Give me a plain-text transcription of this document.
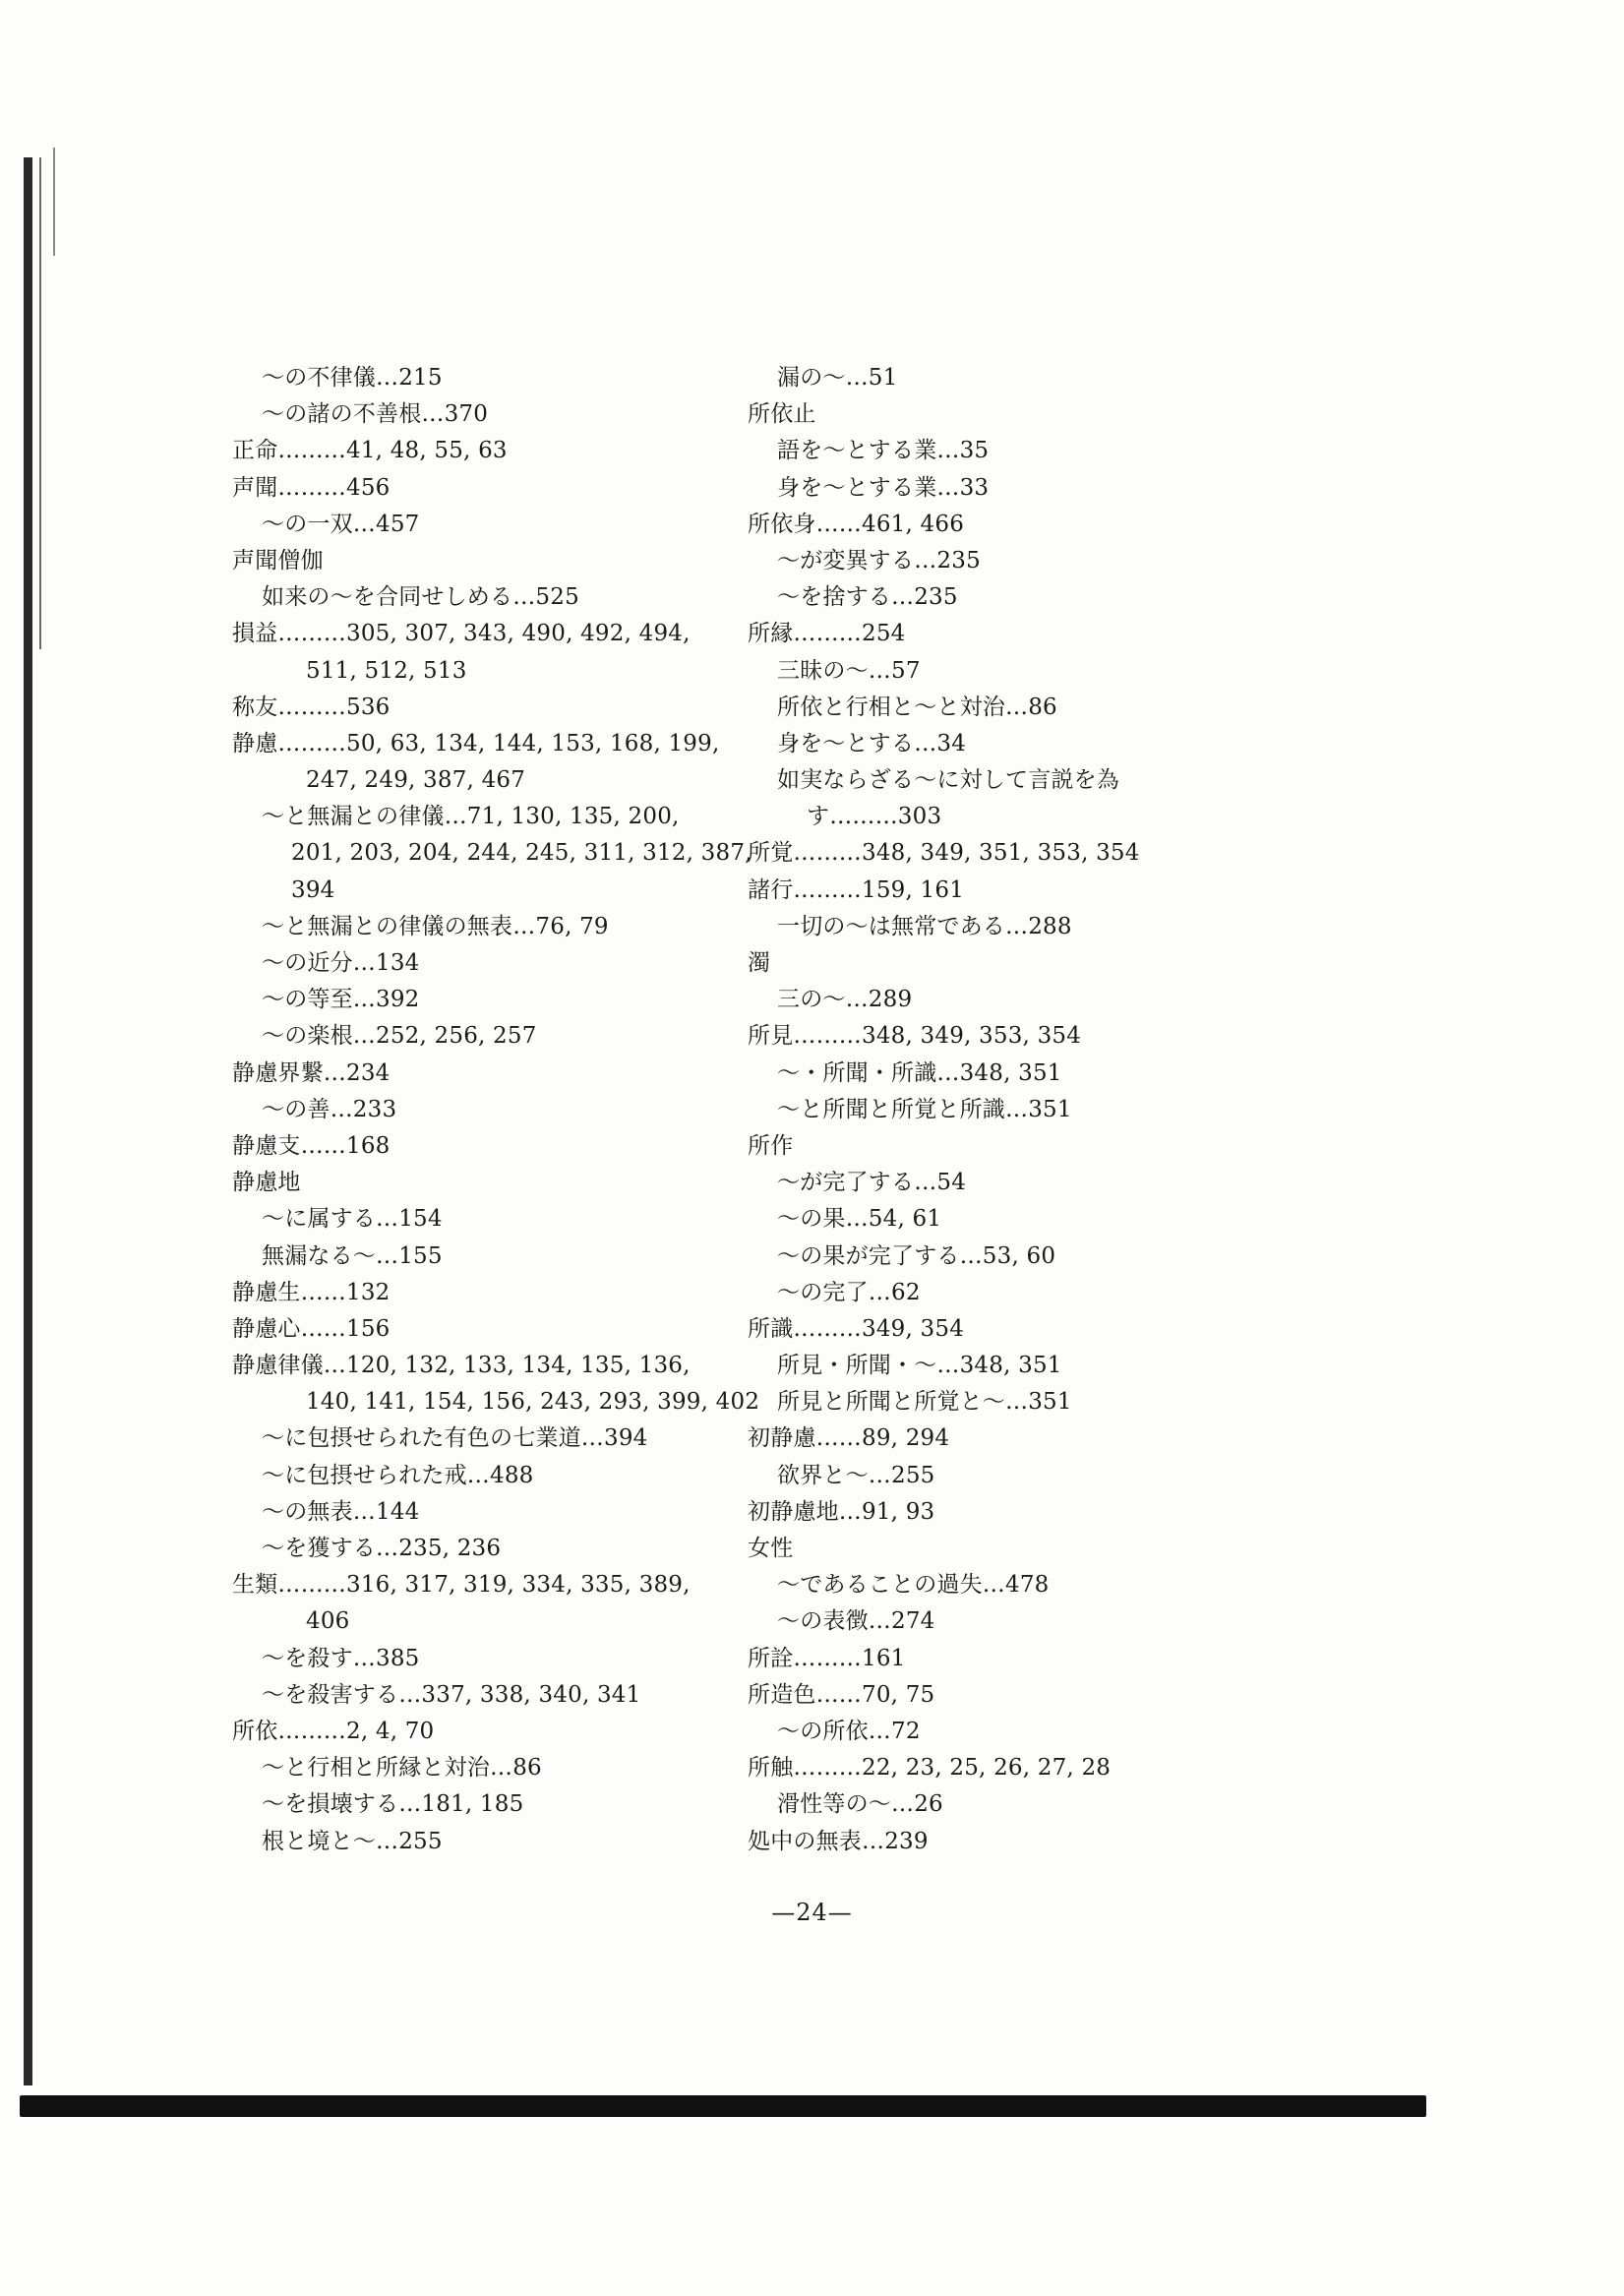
～の不律儀…215
～の諸の不善根…370
正命………41, 48, 55, 63
声聞………456
～の一双…457
声聞僧伽
如来の～を合同せしめる…525
損益………305, 307, 343, 490, 492, 494,
511, 512, 513
称友………536
静慮………50, 63, 134, 144, 153, 168, 199,
247, 249, 387, 467
～と無漏との律儀…71, 130, 135, 200,
201, 203, 204, 244, 245, 311, 312, 387,
394
～と無漏との律儀の無表…76, 79
～の近分…134
～の等至…392
～の楽根…252, 256, 257
静慮界繋…234
～の善…233
静慮支……168
静慮地
～に属する…154
無漏なる～…155
静慮生……132
静慮心……156
静慮律儀…120, 132, 133, 134, 135, 136,
140, 141, 154, 156, 243, 293, 399, 402
～に包摂せられた有色の七業道…394
～に包摂せられた戒…488
～の無表…144
～を獲する…235, 236
生類………316, 317, 319, 334, 335, 389,
406
～を殺す…385
～を殺害する…337, 338, 340, 341
所依………2, 4, 70
～と行相と所縁と対治…86
～を損壊する…181, 185
根と境と～…255
漏の～…51
所依止
語を～とする業…35
身を～とする業…33
所依身……461, 466
～が変異する…235
～を捨する…235
所縁………254
三昧の～…57
所依と行相と～と対治…86
身を～とする…34
如実ならざる～に対して言説を為
す………303
所覚………348, 349, 351, 353, 354
諸行………159, 161
一切の～は無常である…288
濁
三の～…289
所見………348, 349, 353, 354
～・所聞・所識…348, 351
～と所聞と所覚と所識…351
所作
～が完了する…54
～の果…54, 61
～の果が完了する…53, 60
～の完了…62
所識………349, 354
所見・所聞・～…348, 351
所見と所聞と所覚と～…351
初静慮……89, 294
欲界と～…255
初静慮地…91, 93
女性
～であることの過失…478
～の表徴…274
所詮………161
所造色……70, 75
～の所依…72
所触………22, 23, 25, 26, 27, 28
滑性等の～…26
処中の無表…239
—24—
